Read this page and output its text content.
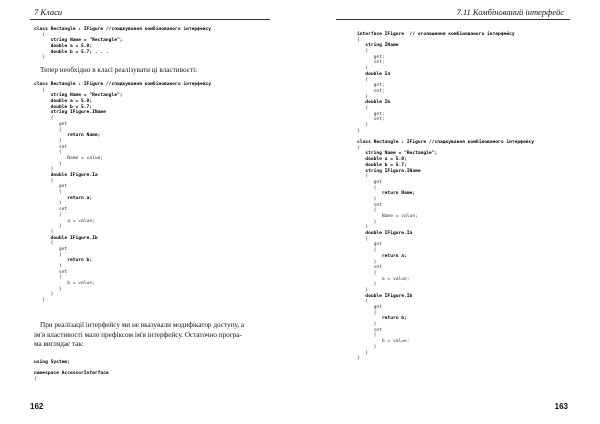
7 Класи
class Rectangle : IFigure //спадкування комбінованого інтерфейсу
{
string Name = "Rectangle";
double a = 5.0;
double b = 5.7; . . .
}
Тепер необхідно в класі реалізувати ці властивості:
class Rectangle : IFigure //спадкування комбінованого інтерфейсу
{
string Name = "Rectangle";
double a = 5.0;
double b = 5.7;
string IFigure.IName
{
get
{
return Name;
}
set
{
Name = value;
}
}
double IFigure.Ia
{
get
{
return a;
}
set
{
a = value;
}
}
double IFigure.Ib
{
get
{
return b;
}
set
{
b = value;
}
}
}
При реалізації інтерфейсу ми не вказували модифікатор доступу, а
ім'я властивості мало префіксом ім'я інтерфейсу. Остаточно програ-
ма виглядає так:
using System;
namespace AccessorInterface
{
162
7.11 Комбінований інтерфейс
interface IFigure  // оголошення комбінованого інтерфейсу
{
string IName
{
get;
set;
}
double Ia
{
get;
set;
}
double Ib
{
get;
set;
}
}
class Rectangle : IFigure //спадкування комбінованого інтерфейсу
{
string Name = "Rectangle";
double a = 5.0;
double b = 5.7;
string IFigure.IName
{
get
{
return Name;
}
set
{
Name = value;
}
}
double IFigure.Ia
{
get
{
return a;
}
set
{
a = value;
}
}
double IFigure.Ib
{
get
{
return b;
}
set
{
b = value;
}
}
}
163
